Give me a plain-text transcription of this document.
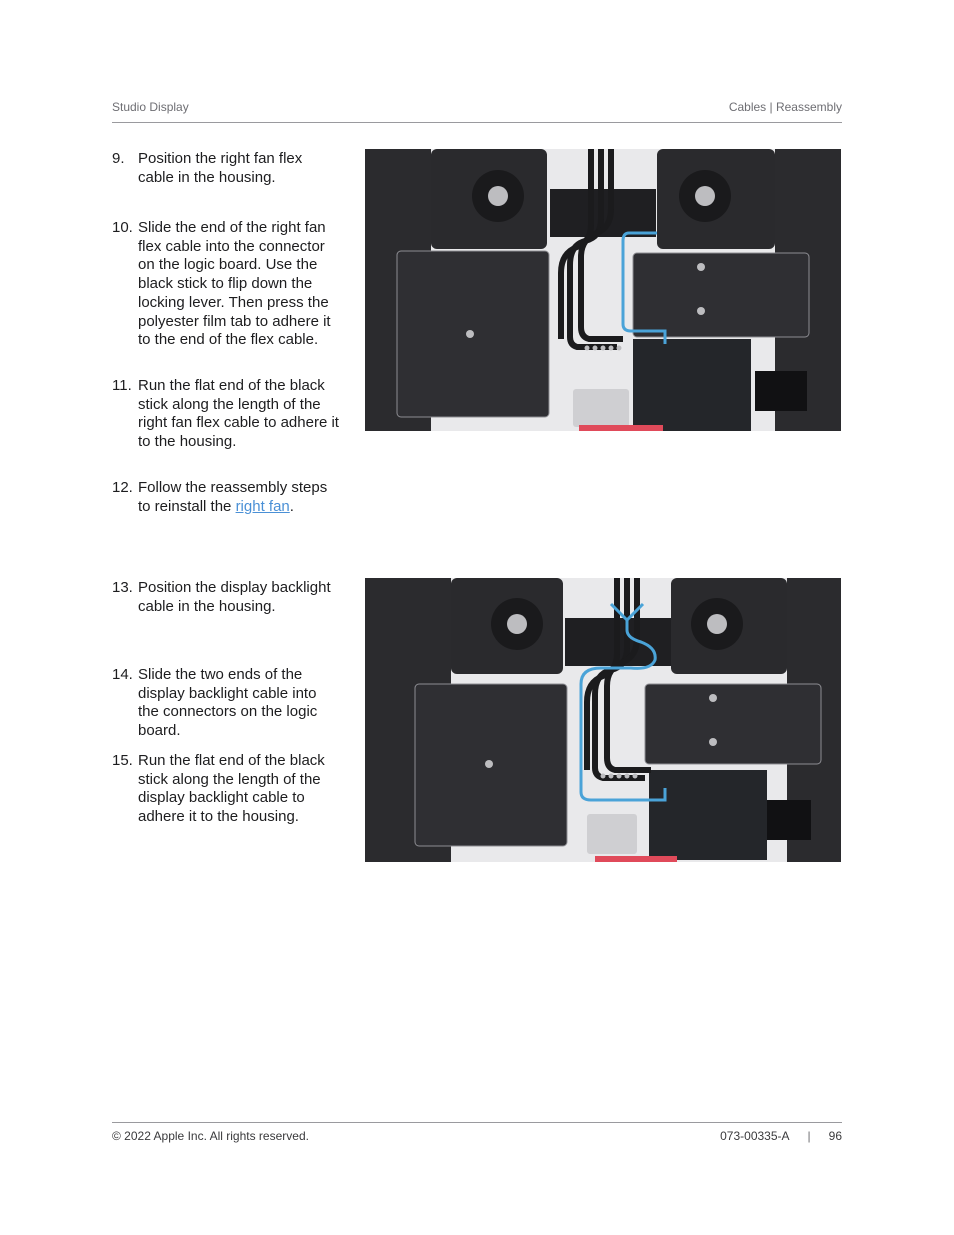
Studio Display	Cables | Reassembly
9. Position the right fan flex cable in the housing.
10. Slide the end of the right fan flex cable into the connector on the logic board. Use the black stick to flip down the locking lever. Then press the polyester film tab to adhere it to the end of the flex cable.
11. Run the flat end of the black stick along the length of the right fan flex cable to adhere it to the housing.
12. Follow the reassembly steps to reinstall the right fan.
13. Position the display backlight cable in the housing.
14. Slide the two ends of the display backlight cable into the connectors on the logic board.
15. Run the flat end of the black stick along the length of the display backlight cable to adhere it to the housing.
© 2022 Apple Inc. All rights reserved.	073-00335-A | 96
